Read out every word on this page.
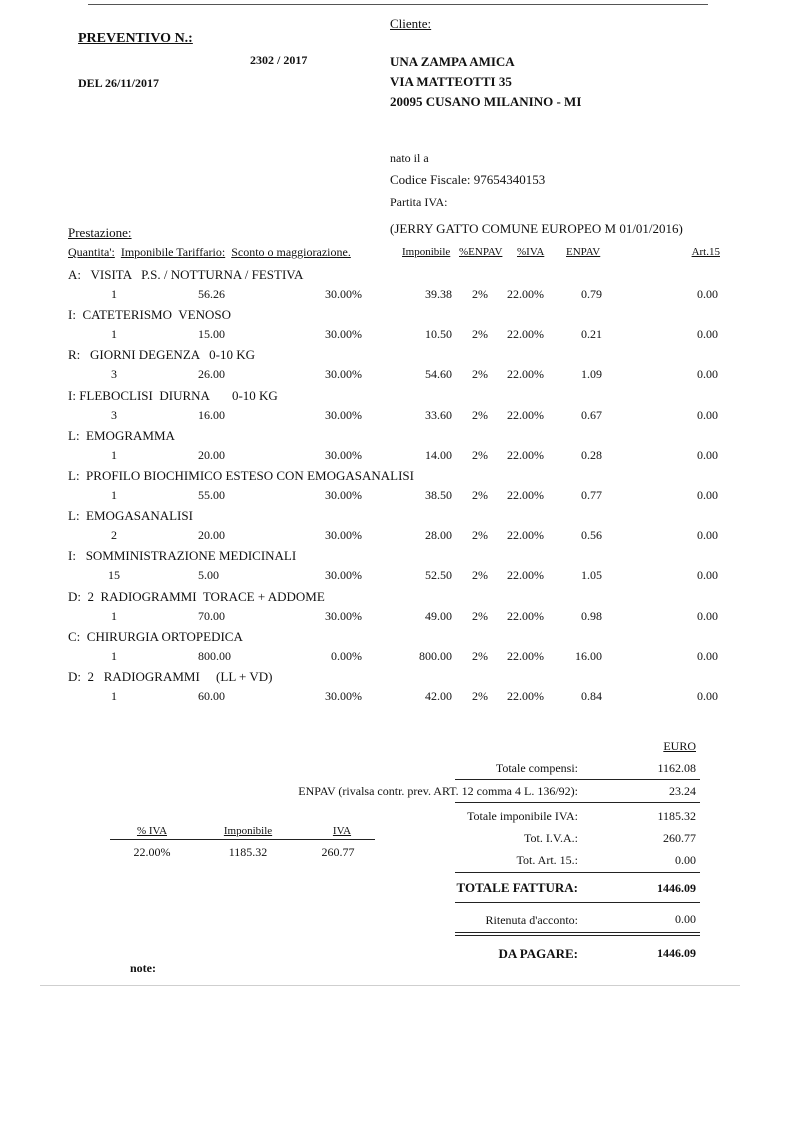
PREVENTIVO N.:
2302 / 2017
DEL 26/11/2017
Cliente:
UNA ZAMPA AMICA
VIA MATTEOTTI 35
20095 CUSANO MILANINO - MI
nato il a
Codice Fiscale: 97654340153
Partita IVA:
(JERRY GATTO COMUNE EUROPEO M 01/01/2016)
Prestazione:
Quantita': Imponibile Tariffario: Sconto o maggiorazione.	Imponibile %ENPAV %IVA ENPAV	Art.15
A:   VISITA   P.S. / NOTTURNA / FESTIVA
1	56.26	30.00%	39.38	2%	22.00%	0.79	0.00
I:  CATETERISMO  VENOSO
1	15.00	30.00%	10.50	2%	22.00%	0.21	0.00
R:   GIORNI DEGENZA   0-10 KG
3	26.00	30.00%	54.60	2%	22.00%	1.09	0.00
I: FLEBOCLISI  DIURNA       0-10 KG
3	16.00	30.00%	33.60	2%	22.00%	0.67	0.00
L:  EMOGRAMMA
1	20.00	30.00%	14.00	2%	22.00%	0.28	0.00
L:  PROFILO BIOCHIMICO ESTESO CON EMOGASANALISI
1	55.00	30.00%	38.50	2%	22.00%	0.77	0.00
L:  EMOGASANALISI
2	20.00	30.00%	28.00	2%	22.00%	0.56	0.00
I:   SOMMINISTRAZIONE MEDICINALI
15	5.00	30.00%	52.50	2%	22.00%	1.05	0.00
D:  2  RADIOGRAMMI  TORACE + ADDOME
1	70.00	30.00%	49.00	2%	22.00%	0.98	0.00
C:  CHIRURGIA ORTOPEDICA
1	800.00	0.00%	800.00	2%	22.00%	16.00	0.00
D:  2   RADIOGRAMMI     (LL + VD)
1	60.00	30.00%	42.00	2%	22.00%	0.84	0.00
EURO
Totale compensi:	1162.08
ENPAV (rivalsa contr. prev. ART. 12 comma 4 L. 136/92):	23.24
Totale imponibile IVA:	1185.32
Tot. I.V.A.:	260.77
Tot. Art. 15.:	0.00
TOTALE FATTURA:	1446.09
Ritenuta d'acconto:	0.00
DA PAGARE:	1446.09
% IVA	Imponibile	IVA
22.00%	1185.32	260.77
note:
